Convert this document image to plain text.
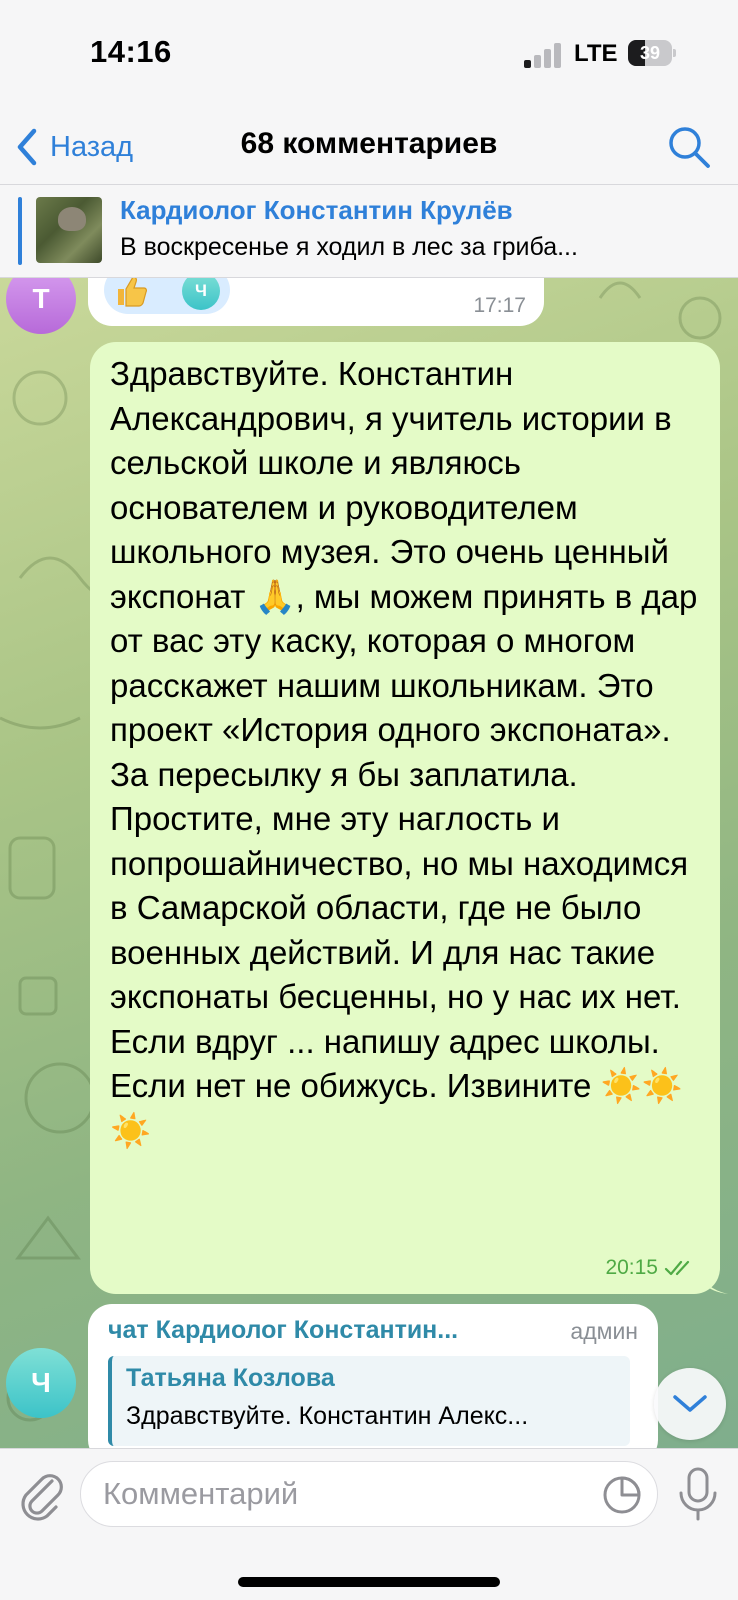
14:16	LTE	39
Назад	68 комментариев
Кардиолог Константин Крулёв
В воскресенье я ходил в лес за гриба...
Т	Ч
17:17
Здравствуйте. Константин Александрович, я учитель истории в сельской школе и являюсь основателем и руководителем школьного музея. Это очень ценный экспонат 🙏, мы можем принять в дар от вас эту каску, которая о многом расскажет нашим школьникам. Это проект «История одного экспоната».  За пересылку я бы заплатила.
Простите, мне эту наглость и попрошайничество, но мы находимся в Самарской области, где не было военных действий. И для нас такие экспонаты бесценны, но у нас их нет.
Если вдруг ... напишу адрес школы. Если нет не обижусь. Извините ☀️☀️☀️
20:15
Ч
чат Кардиолог Константин...	админ
Татьяна Козлова
Здравствуйте. Константин Алекс...
Комментарий
